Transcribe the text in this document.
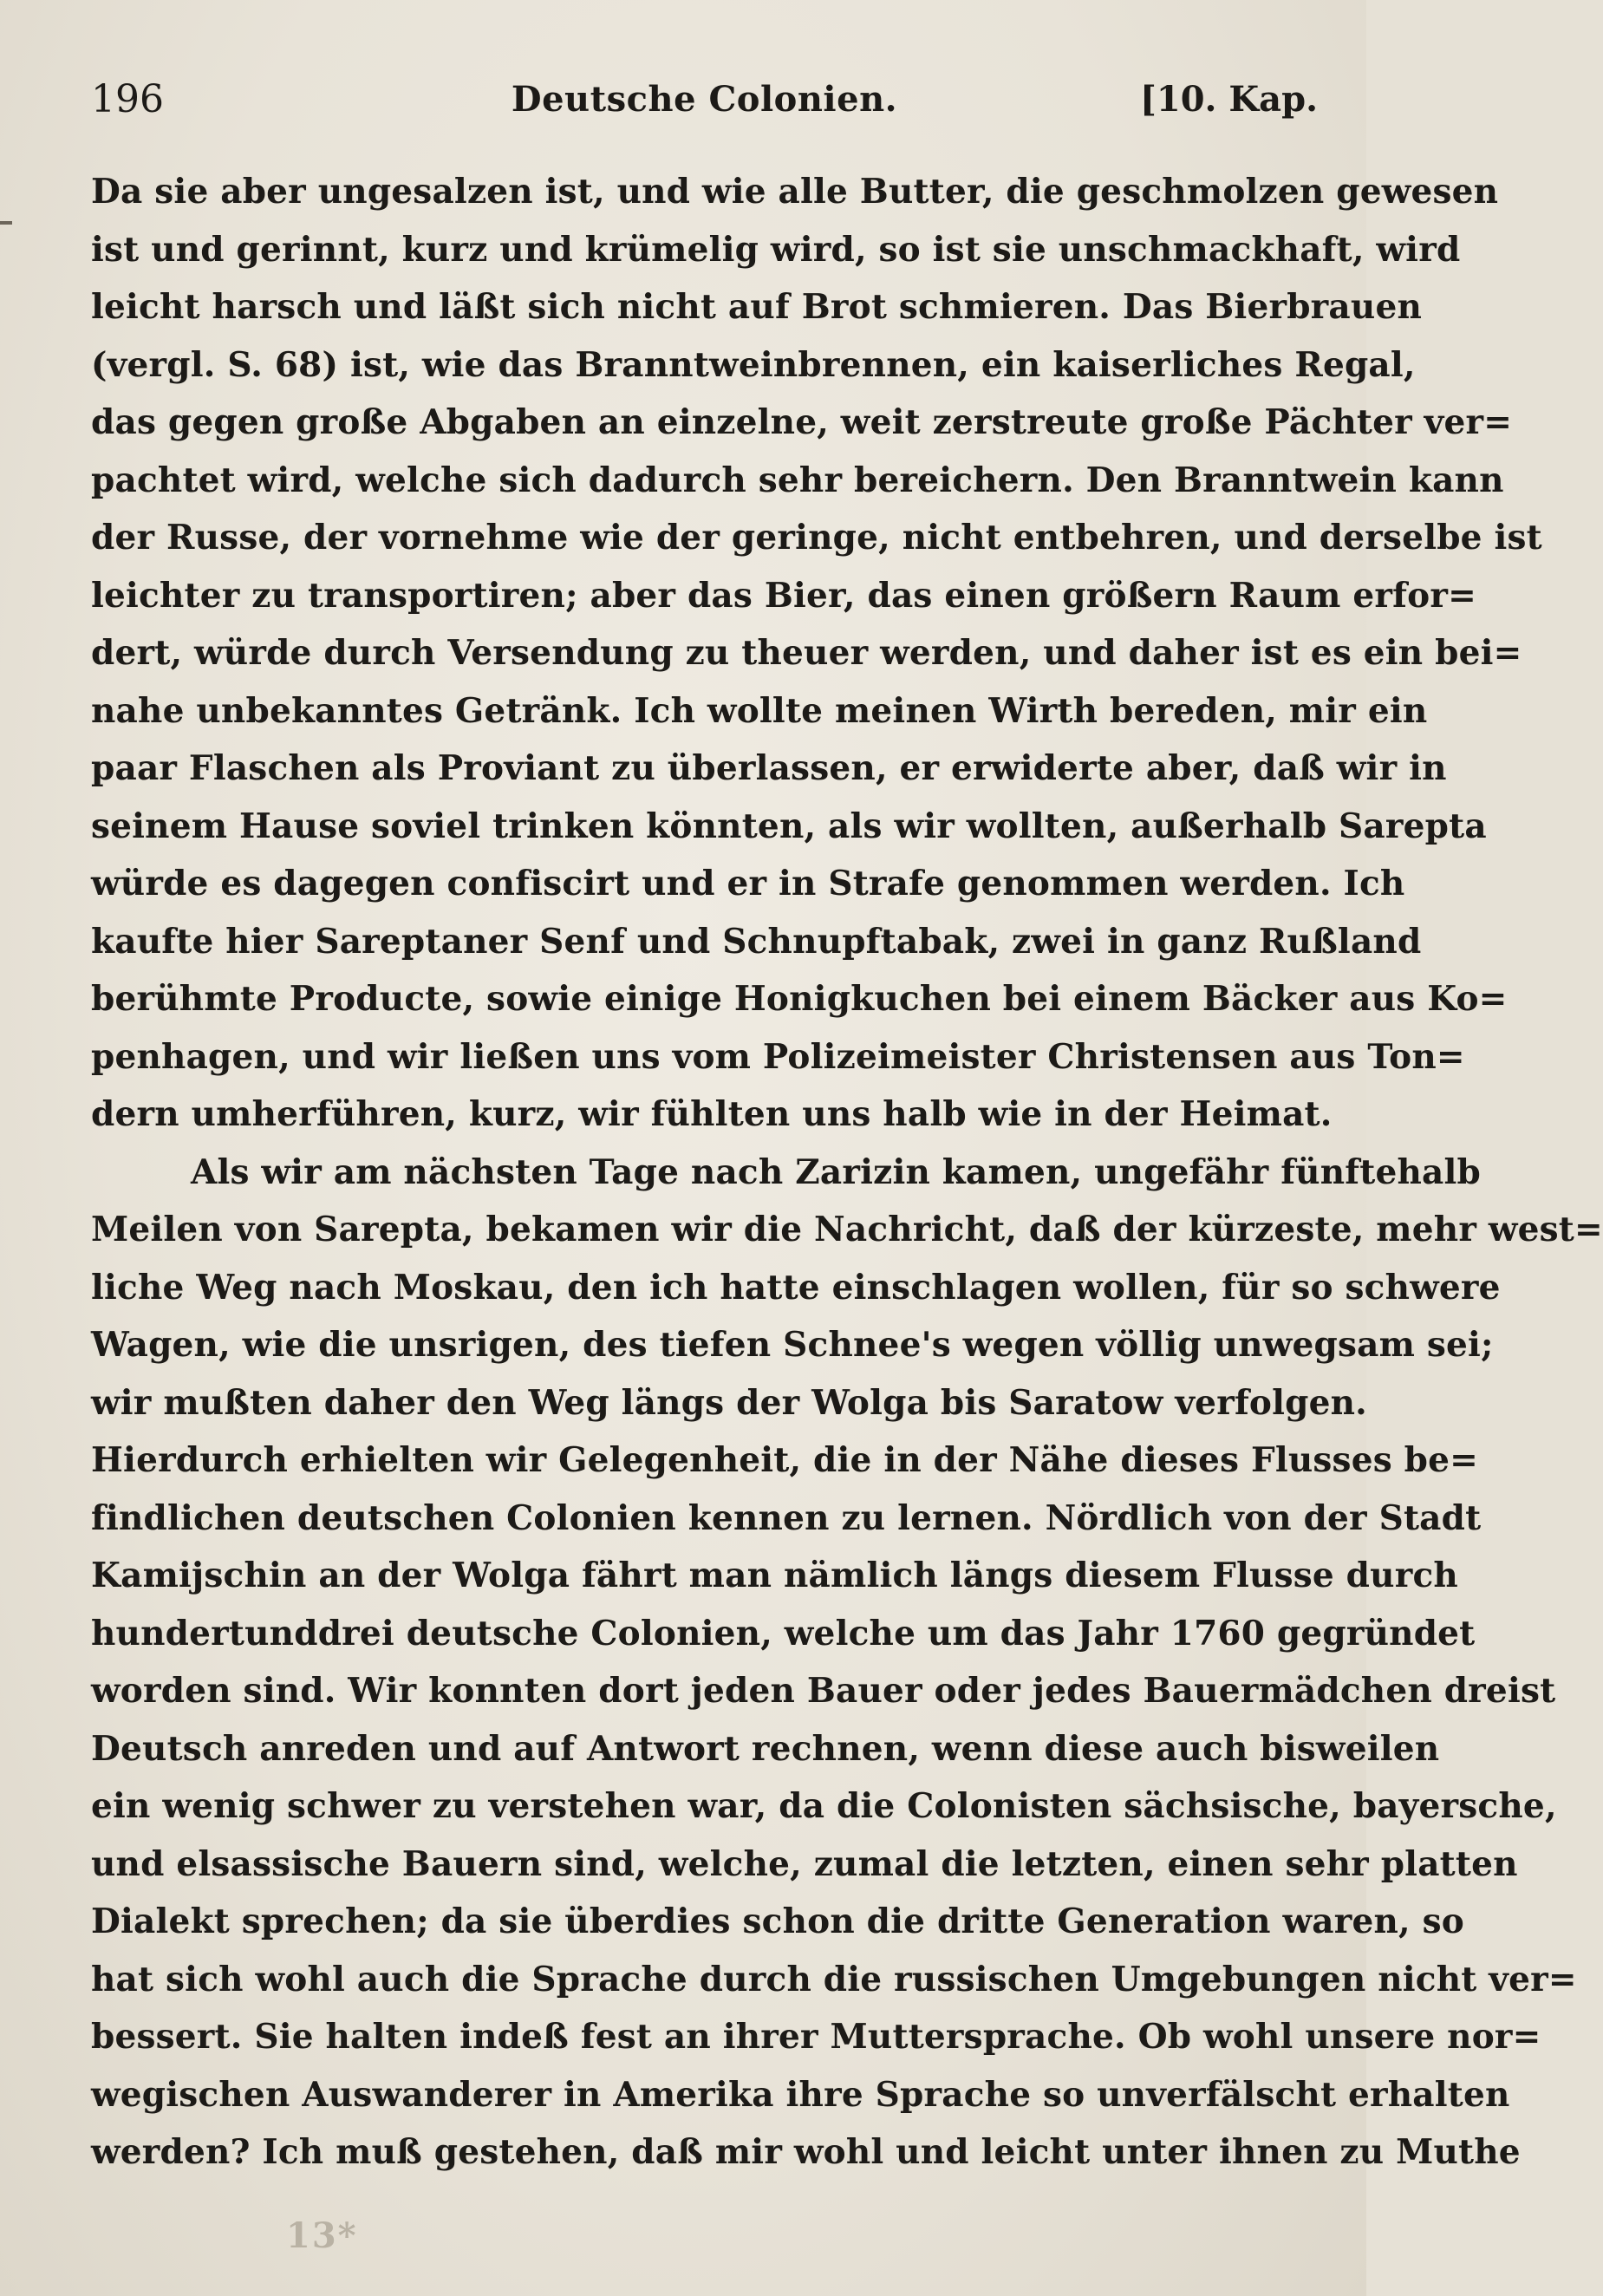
196	Deutsche Colonien.	[10. Kap.
Da sie aber ungesalzen ist, und wie alle Butter, die geschmolzen gewesen
ist und gerinnt, kurz und krümelig wird, so ist sie unschmackhaft, wird
leicht harsch und läßt sich nicht auf Brot schmieren. Das Bierbrauen
(vergl. S. 68) ist, wie das Branntweinbrennen, ein kaiserliches Regal,
das gegen große Abgaben an einzelne, weit zerstreute große Pächter ver=
pachtet wird, welche sich dadurch sehr bereichern. Den Branntwein kann
der Russe, der vornehme wie der geringe, nicht entbehren, und derselbe ist
leichter zu transportiren; aber das Bier, das einen größern Raum erfor=
dert, würde durch Versendung zu theuer werden, und daher ist es ein bei=
nahe unbekanntes Getränk. Ich wollte meinen Wirth bereden, mir ein
paar Flaschen als Proviant zu überlassen, er erwiderte aber, daß wir in
seinem Hause soviel trinken könnten, als wir wollten, außerhalb Sarepta
würde es dagegen confiscirt und er in Strafe genommen werden. Ich
kaufte hier Sareptaner Senf und Schnupftabak, zwei in ganz Rußland
berühmte Producte, sowie einige Honigkuchen bei einem Bäcker aus Ko=
penhagen, und wir ließen uns vom Polizeimeister Christensen aus Ton=
dern umherführen, kurz, wir fühlten uns halb wie in der Heimat.
Als wir am nächsten Tage nach Zarizin kamen, ungefähr fünftehalb
Meilen von Sarepta, bekamen wir die Nachricht, daß der kürzeste, mehr west=
liche Weg nach Moskau, den ich hatte einschlagen wollen, für so schwere
Wagen, wie die unsrigen, des tiefen Schnee's wegen völlig unwegsam sei;
wir mußten daher den Weg längs der Wolga bis Saratow verfolgen.
Hierdurch erhielten wir Gelegenheit, die in der Nähe dieses Flusses be=
findlichen deutschen Colonien kennen zu lernen. Nördlich von der Stadt
Kamijschin an der Wolga fährt man nämlich längs diesem Flusse durch
hundertunddrei deutsche Colonien, welche um das Jahr 1760 gegründet
worden sind. Wir konnten dort jeden Bauer oder jedes Bauermädchen dreist
Deutsch anreden und auf Antwort rechnen, wenn diese auch bisweilen
ein wenig schwer zu verstehen war, da die Colonisten sächsische, bayersche,
und elsassische Bauern sind, welche, zumal die letzten, einen sehr platten
Dialekt sprechen; da sie überdies schon die dritte Generation waren, so
hat sich wohl auch die Sprache durch die russischen Umgebungen nicht ver=
bessert. Sie halten indeß fest an ihrer Muttersprache. Ob wohl unsere nor=
wegischen Auswanderer in Amerika ihre Sprache so unverfälscht erhalten
werden? Ich muß gestehen, daß mir wohl und leicht unter ihnen zu Muthe
13*
